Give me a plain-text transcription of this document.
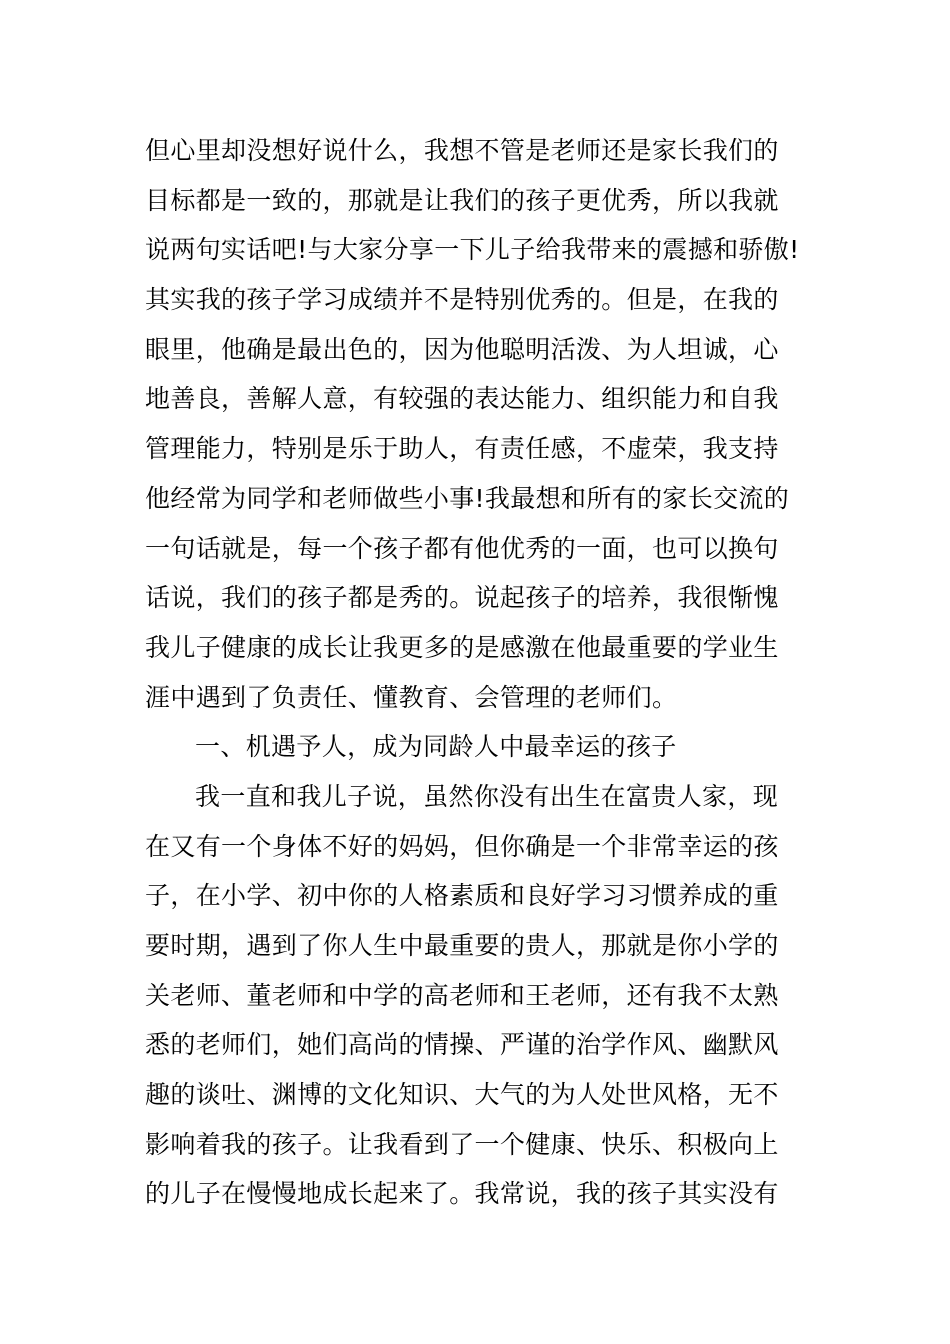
但心里却没想好说什么，我想不管是老师还是家长我们的
目标都是一致的，那就是让我们的孩子更优秀，所以我就
说两句实话吧!与大家分享一下儿子给我带来的震撼和骄傲!
其实我的孩子学习成绩并不是特别优秀的。但是，在我的
眼里，他确是最出色的，因为他聪明活泼、为人坦诚，心
地善良，善解人意，有较强的表达能力、组织能力和自我
管理能力，特别是乐于助人，有责任感，不虚荣，我支持
他经常为同学和老师做些小事!我最想和所有的家长交流的
一句话就是，每一个孩子都有他优秀的一面，也可以换句
话说，我们的孩子都是秀的。说起孩子的培养，我很惭愧
我儿子健康的成长让我更多的是感激在他最重要的学业生
涯中遇到了负责任、懂教育、会管理的老师们。
一、机遇予人，成为同龄人中最幸运的孩子
我一直和我儿子说，虽然你没有出生在富贵人家，现
在又有一个身体不好的妈妈，但你确是一个非常幸运的孩
子，在小学、初中你的人格素质和良好学习习惯养成的重
要时期，遇到了你人生中最重要的贵人，那就是你小学的
关老师、董老师和中学的高老师和王老师，还有我不太熟
悉的老师们，她们高尚的情操、严谨的治学作风、幽默风
趣的谈吐、渊博的文化知识、大气的为人处世风格，无不
影响着我的孩子。让我看到了一个健康、快乐、积极向上
的儿子在慢慢地成长起来了。我常说，我的孩子其实没有
